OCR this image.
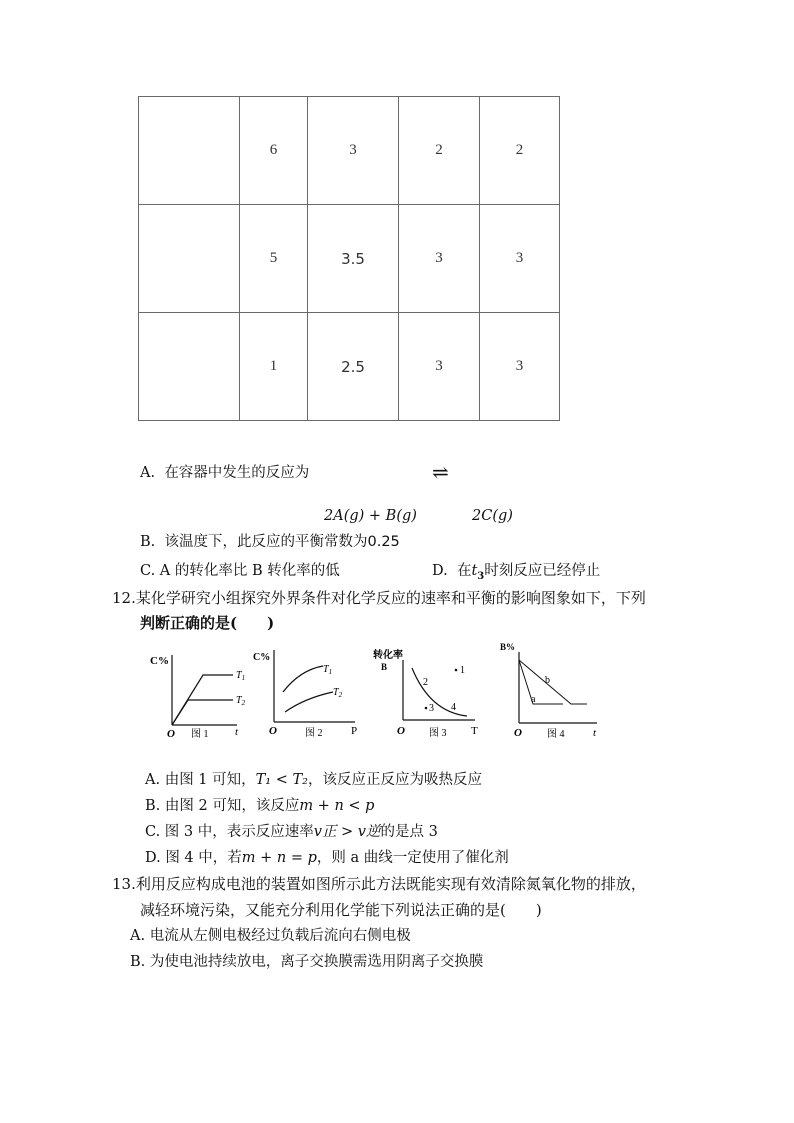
	6	3	2	2
	5	3.5	3	3
	1	2.5	3	3
A. 在容器中发生的反应为	⇌
2A(g) + B(g)	2C(g)
B. 该温度下，此反应的平衡常数为0.25
C. A 的转化率比 B 转化率的低	D. 在$t_3$时刻反应已经停止
12.某化学研究小组探究外界条件对化学反应的速率和平衡的影响图象如下，下列
判断正确的是(　　)
C%
$T_1$
$T_2$
O	t
图 1
C%
$T_1$
$T_2$
O	P
图 2
转化率
B	1
2
3 4
O	T
图 3
B%
a
b
O	t
图 4
A. 由图 1 可知，T₁ < T₂，该反应正反应为吸热反应
B. 由图 2 可知，该反应m + n < p
C. 图 3 中，表示反应速率v正 > v逆的是点 3
D. 图 4 中，若m + n = p，则 a 曲线一定使用了催化剂
13.利用反应构成电池的装置如图所示此方法既能实现有效清除氮氧化物的排放，
减轻环境污染，又能充分利用化学能下列说法正确的是(　　)
A. 电流从左侧电极经过负载后流向右侧电极
B. 为使电池持续放电，离子交换膜需选用阴离子交换膜
